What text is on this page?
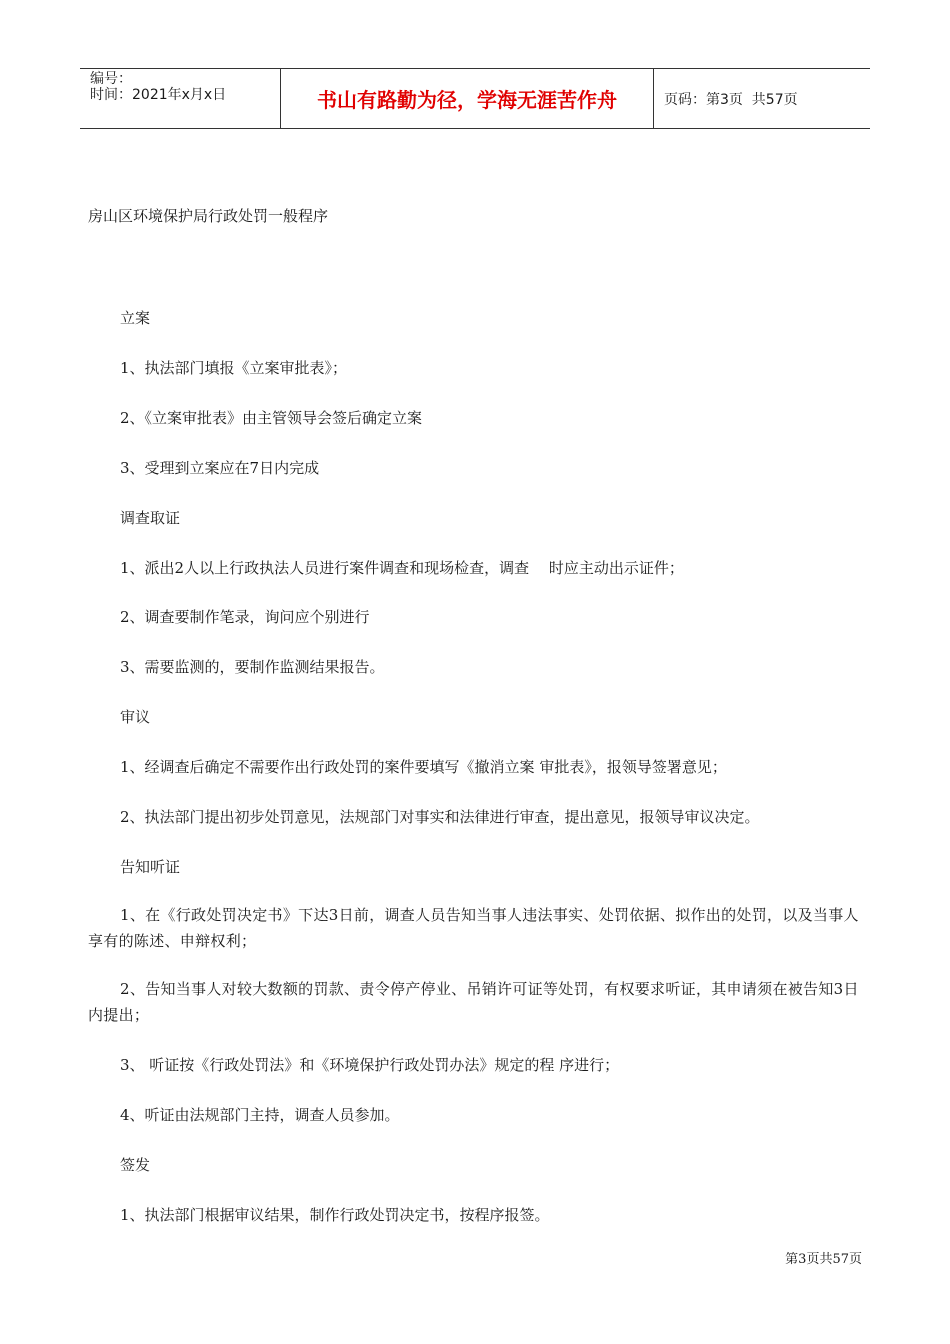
编号：
时间：2021年x月x日	书山有路勤为径，学海无涯苦作舟	页码：第3页  共57页
房山区环境保护局行政处罚一般程序
立案
1、执法部门填报《立案审批表》；
2、《立案审批表》由主管领导会签后确定立案
3、受理到立案应在7日内完成
调查取证
1、派出2人以上行政执法人员进行案件调查和现场检查，调查　 时应主动出示证件；
2、调查要制作笔录，询问应个别进行
3、需要监测的，要制作监测结果报告。
审议
1、经调查后确定不需要作出行政处罚的案件要填写《撤消立案 审批表》，报领导签署意见；
2、执法部门提出初步处罚意见，法规部门对事实和法律进行审查，提出意见，报领导审议决定。
告知听证
1、在《行政处罚决定书》下达3日前，调查人员告知当事人违法事实、处罚依据、拟作出的处罚，以及当事人享有的陈述、申辩权利；
2、告知当事人对较大数额的罚款、责令停产停业、吊销许可证等处罚，有权要求听证，其申请须在被告知3日内提出；
3、 听证按《行政处罚法》和《环境保护行政处罚办法》规定的程 序进行；
4、听证由法规部门主持，调查人员参加。
签发
1、执法部门根据审议结果，制作行政处罚决定书，按程序报签。
第3页共57页
